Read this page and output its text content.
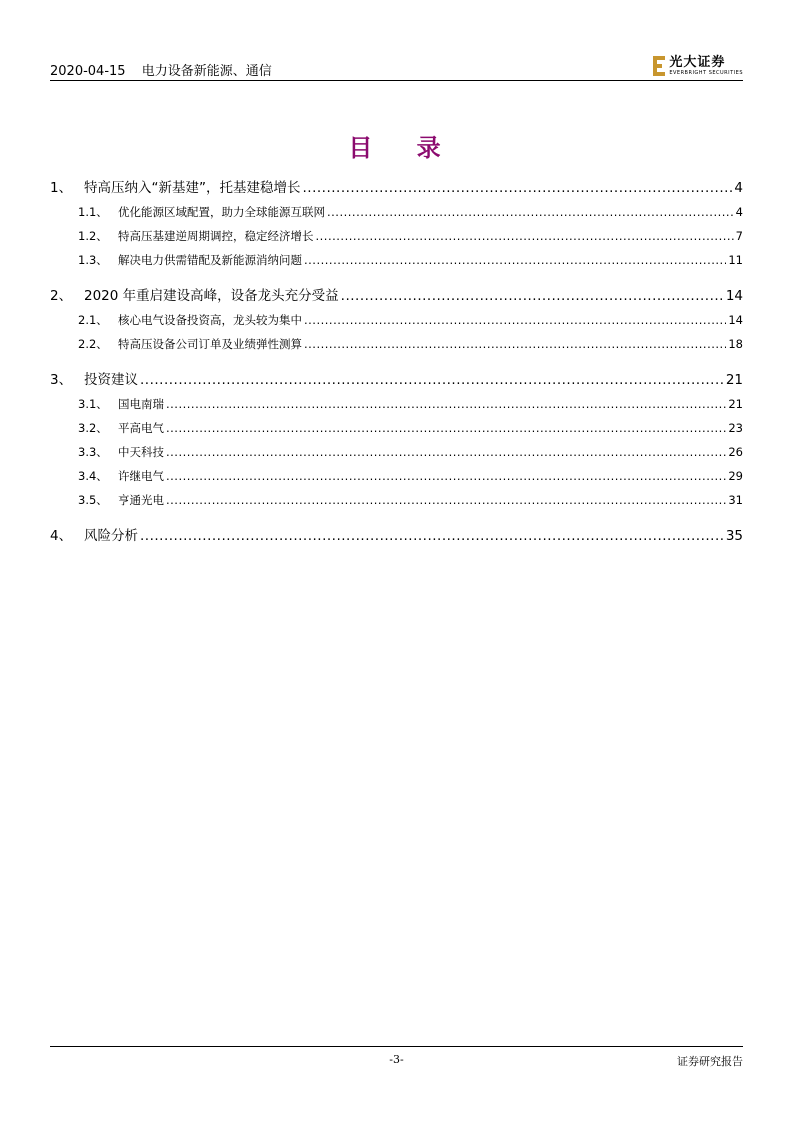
2020-04-15 电力设备新能源、通信
光大证券
EVERBRIGHT SECURITIES
目 录
1、 特高压纳入“新基建”，托基建稳增长 .....	4
1.1、 优化能源区域配置，助力全球能源互联网 .....	4
1.2、 特高压基建逆周期调控，稳定经济增长 .....	7
1.3、 解决电力供需错配及新能源消纳问题 .....	11
2、 2020 年重启建设高峰，设备龙头充分受益 .....	14
2.1、 核心电气设备投资高，龙头较为集中 .....	14
2.2、 特高压设备公司订单及业绩弹性测算 .....	18
3、 投资建议 .....	21
3.1、 国电南瑞 .....	21
3.2、 平高电气 .....	23
3.3、 中天科技 .....	26
3.4、 许继电气 .....	29
3.5、 亨通光电 .....	31
4、 风险分析 .....	35
-3-	证券研究报告
